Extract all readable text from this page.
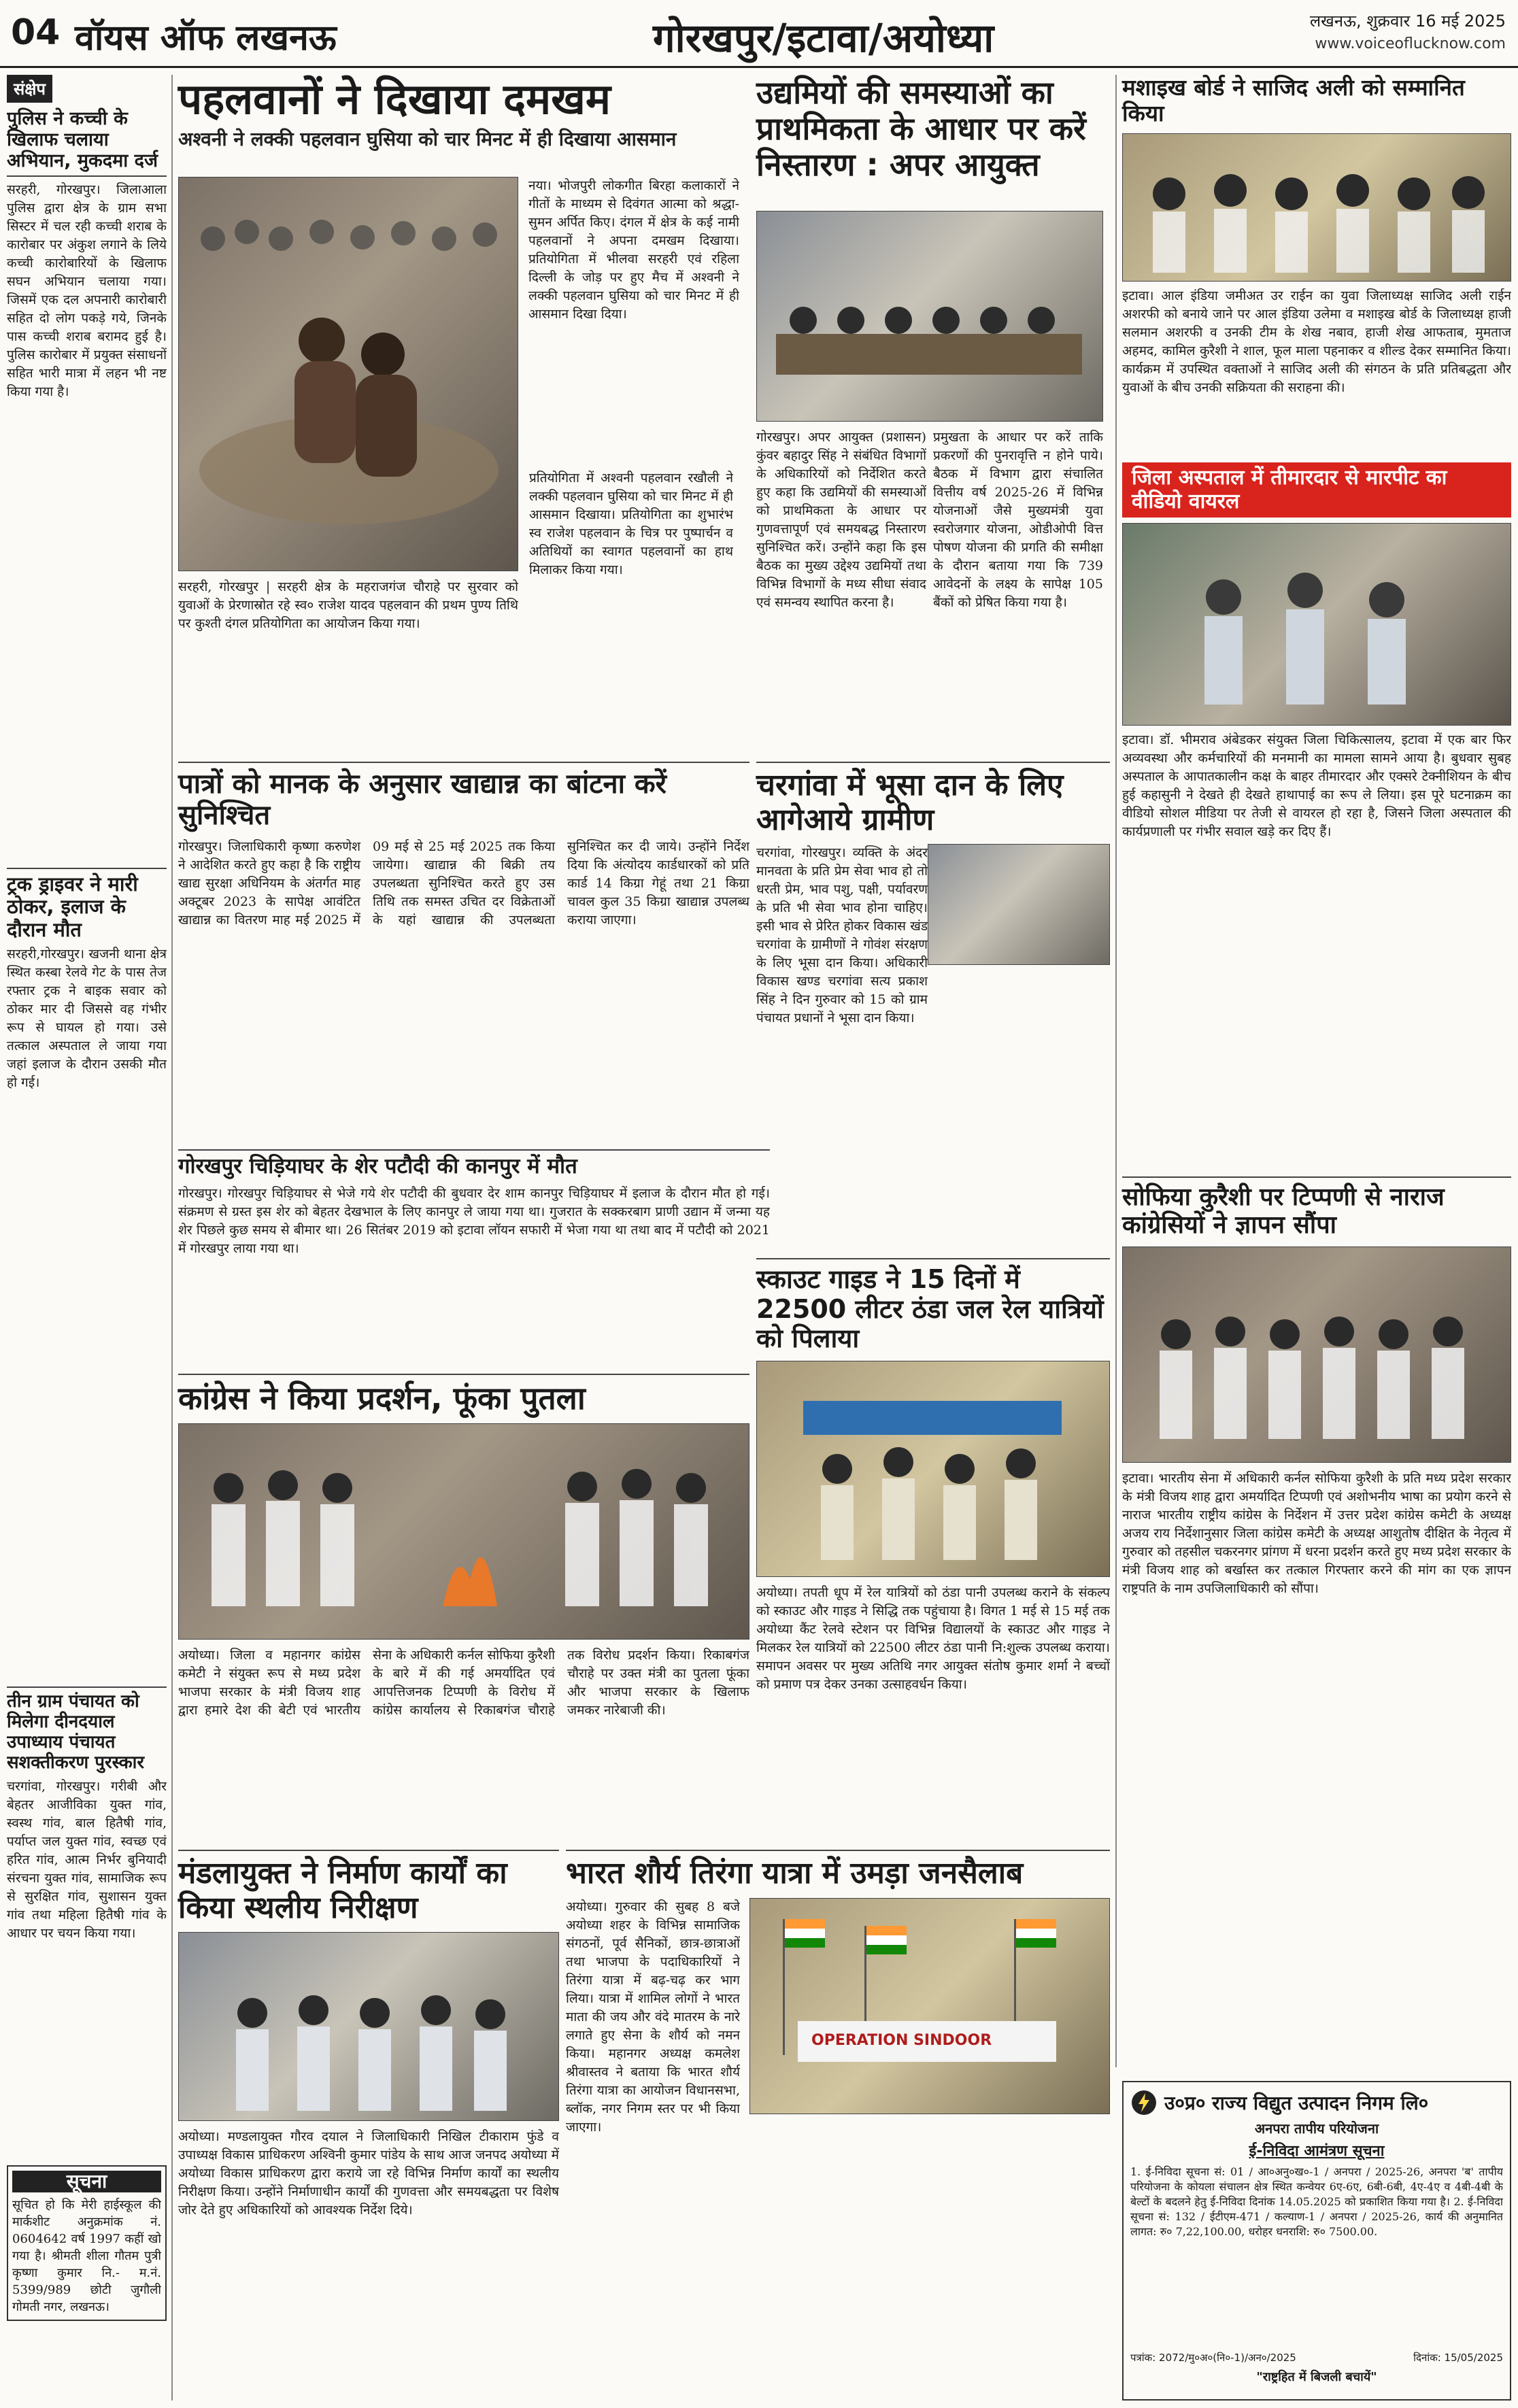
04 वॉयस ऑफ लखनऊ	गोरखपुर/इटावा/अयोध्या	लखनऊ, शुक्रवार 16 मई 2025
www.voiceoflucknow.com
संक्षेप
पुलिस ने कच्ची के खिलाफ चलाया अभियान, मुकदमा दर्ज
सरहरी, गोरखपुर। जिलाआला पुलिस द्वारा क्षेत्र के ग्राम सभा सिस्टर में चल रही कच्ची शराब के कारोबार पर अंकुश लगाने के लिये कच्ची कारोबारियों के खिलाफ सघन अभियान चलाया गया। जिसमें एक दल अपनारी कारोबारी सहित दो लोग पकड़े गये, जिनके पास कच्ची शराब बरामद हुई है। पुलिस कारोबार में प्रयुक्त संसाधनों सहित भारी मात्रा में लहन भी नष्ट किया गया है।
ट्रक ड्राइवर ने मारी ठोकर, इलाज के दौरान मौत
सरहरी,गोरखपुर। खजनी थाना क्षेत्र स्थित कस्बा रेलवे गेट के पास तेज रफ्तार ट्रक ने बाइक सवार को ठोकर मार दी जिससे वह गंभीर रूप से घायल हो गया। उसे तत्काल अस्पताल ले जाया गया जहां इलाज के दौरान उसकी मौत हो गई।
तीन ग्राम पंचायत को मिलेगा दीनदयाल उपाध्याय पंचायत सशक्तीकरण पुरस्कार
चरगांवा, गोरखपुर। गरीबी और बेहतर आजीविका युक्त गांव, स्वस्थ गांव, बाल हितैषी गांव, पर्याप्त जल युक्त गांव, स्वच्छ एवं हरित गांव, आत्म निर्भर बुनियादी संरचना युक्त गांव, सामाजिक रूप से सुरक्षित गांव, सुशासन युक्त गांव तथा महिला हितैषी गांव के आधार पर चयन किया गया।
सूचना
सूचित हो कि मेरी हाईस्कूल की मार्कशीट अनुक्रमांक नं. 0604642 वर्ष 1997 कहीं खो गया है। श्रीमती शीला गौतम पुत्री कृष्णा कुमार नि.- म.नं. 5399/989 छोटी जुगौली गोमती नगर, लखनऊ।
पहलवानों ने दिखाया दमखम
अश्वनी ने लक्की पहलवान घुसिया को चार मिनट में ही दिखाया आसमान
सरहरी, गोरखपुर | सरहरी क्षेत्र के महराजगंज चौराहे पर सुरवार को युवाओं के प्रेरणास्रोत रहे स्व० राजेश यादव पहलवान की प्रथम पुण्य तिथि पर कुश्ती दंगल प्रतियोगिता का आयोजन किया गया।
नया। भोजपुरी लोकगीत बिरहा कलाकारों ने गीतों के माध्यम से दिवंगत आत्मा को श्रद्धा-सुमन अर्पित किए। दंगल में क्षेत्र के कई नामी पहलवानों ने अपना दमखम दिखाया। प्रतियोगिता में भीलवा सरहरी एवं रहिला दिल्ली के जोड़ पर हुए मैच में अश्वनी ने लक्की पहलवान घुसिया को चार मिनट में ही आसमान दिखा दिया।
प्रतियोगिता में अश्वनी पहलवान रखौली ने लक्की पहलवान घुसिया को चार मिनट में ही आसमान दिखाया। प्रतियोगिता का शुभारंभ स्व राजेश पहलवान के चित्र पर पुष्पार्चन व अतिथियों का स्वागत पहलवानों का हाथ मिलाकर किया गया।
उद्यमियों की समस्याओं का प्राथमिकता के आधार पर करें निस्तारण : अपर आयुक्त
गोरखपुर। अपर आयुक्त (प्रशासन) कुंवर बहादुर सिंह ने संबंधित विभागों के अधिकारियों को निर्देशित करते हुए कहा कि उद्यमियों की समस्याओं को प्राथमिकता के आधार पर गुणवत्तापूर्ण एवं समयबद्ध निस्तारण सुनिश्चित करें। उन्होंने कहा कि इस बैठक का मुख्य उद्देश्य उद्यमियों तथा विभिन्न विभागों के मध्य सीधा संवाद एवं समन्वय स्थापित करना है।
प्रमुखता के आधार पर करें ताकि प्रकरणों की पुनरावृत्ति न होने पाये। बैठक में विभाग द्वारा संचालित वित्तीय वर्ष 2025-26 में विभिन्न योजनाओं जैसे मुख्यमंत्री युवा स्वरोजगार योजना, ओडीओपी वित्त पोषण योजना की प्रगति की समीक्षा के दौरान बताया गया कि 739 आवेदनों के लक्ष्य के सापेक्ष 105 बैंकों को प्रेषित किया गया है।
मशाइख बोर्ड ने साजिद अली को सम्मानित किया
इटावा। आल इंडिया जमीअत उर राईन का युवा जिलाध्यक्ष साजिद अली राईन अशरफी को बनाये जाने पर आल इंडिया उलेमा व मशाइख बोर्ड के जिलाध्यक्ष हाजी सलमान अशरफी व उनकी टीम के शेख नबाव, हाजी शेख आफताब, मुमताज अहमद, कामिल कुरैशी ने शाल, फूल माला पहनाकर व शील्ड देकर सम्मानित किया। कार्यक्रम में उपस्थित वक्ताओं ने साजिद अली की संगठन के प्रति प्रतिबद्धता और युवाओं के बीच उनकी सक्रियता की सराहना की।
जिला अस्पताल में तीमारदार से मारपीट का वीडियो वायरल
इटावा। डॉ. भीमराव अंबेडकर संयुक्त जिला चिकित्सालय, इटावा में एक बार फिर अव्यवस्था और कर्मचारियों की मनमानी का मामला सामने आया है। बुधवार सुबह अस्पताल के आपातकालीन कक्ष के बाहर तीमारदार और एक्सरे टेक्नीशियन के बीच हुई कहासुनी ने देखते ही देखते हाथापाई का रूप ले लिया। इस पूरे घटनाक्रम का वीडियो सोशल मीडिया पर तेजी से वायरल हो रहा है, जिसने जिला अस्पताल की कार्यप्रणाली पर गंभीर सवाल खड़े कर दिए हैं।
पात्रों को मानक के अनुसार खाद्यान्न का बांटना करें सुनिश्चित
गोरखपुर। जिलाधिकारी कृष्णा करुणेश ने आदेशित करते हुए कहा है कि राष्ट्रीय खाद्य सुरक्षा अधिनियम के अंतर्गत माह अक्टूबर 2023 के सापेक्ष आवंटित खाद्यान्न का वितरण माह मई 2025 में 09 मई से 25 मई 2025 तक किया जायेगा। खाद्यान्न की बिक्री तय उपलब्धता सुनिश्चित करते हुए उस तिथि तक समस्त उचित दर विक्रेताओं के यहां खाद्यान्न की उपलब्धता सुनिश्चित कर दी जाये। उन्होंने निर्देश दिया कि अंत्योदय कार्डधारकों को प्रति कार्ड 14 किग्रा गेहूं तथा 21 किग्रा चावल कुल 35 किग्रा खाद्यान्न उपलब्ध कराया जाएगा।
चरगांवा में भूसा दान के लिए आगेआये ग्रामीण
चरगांवा, गोरखपुर। व्यक्ति के अंदर मानवता के प्रति प्रेम सेवा भाव हो तो धरती प्रेम, भाव पशु, पक्षी, पर्यावरण के प्रति भी सेवा भाव होना चाहिए। इसी भाव से प्रेरित होकर विकास खंड चरगांवा के ग्रामीणों ने गोवंश संरक्षण के लिए भूसा दान किया। अधिकारी विकास खण्ड चरगांवा सत्य प्रकाश सिंह ने दिन गुरुवार को 15 को ग्राम पंचायत प्रधानों ने भूसा दान किया।
गोरखपुर चिड़ियाघर के शेर पटौदी की कानपुर में मौत
गोरखपुर। गोरखपुर चिड़ियाघर से भेजे गये शेर पटौदी की बुधवार देर शाम कानपुर चिड़ियाघर में इलाज के दौरान मौत हो गई। संक्रमण से ग्रस्त इस शेर को बेहतर देखभाल के लिए कानपुर ले जाया गया था। गुजरात के सक्करबाग प्राणी उद्यान में जन्मा यह शेर पिछले कुछ समय से बीमार था। 26 सितंबर 2019 को इटावा लॉयन सफारी में भेजा गया था तथा बाद में पटौदी को 2021 में गोरखपुर लाया गया था।
कांग्रेस ने किया प्रदर्शन, फूंका पुतला
अयोध्या। जिला व महानगर कांग्रेस कमेटी ने संयुक्त रूप से मध्य प्रदेश भाजपा सरकार के मंत्री विजय शाह द्वारा हमारे देश की बेटी एवं भारतीय सेना के अधिकारी कर्नल सोफिया कुरैशी के बारे में की गई अमर्यादित एवं आपत्तिजनक टिप्पणी के विरोध में कांग्रेस कार्यालय से रिकाबगंज चौराहे तक विरोध प्रदर्शन किया। रिकाबगंज चौराहे पर उक्त मंत्री का पुतला फूंका और भाजपा सरकार के खिलाफ जमकर नारेबाजी की।
स्काउट गाइड ने 15 दिनों में 22500 लीटर ठंडा जल रेल यात्रियों को पिलाया
अयोध्या। तपती धूप में रेल यात्रियों को ठंडा पानी उपलब्ध कराने के संकल्प को स्काउट और गाइड ने सिद्धि तक पहुंचाया है। विगत 1 मई से 15 मई तक अयोध्या कैंट रेलवे स्टेशन पर विभिन्न विद्यालयों के स्काउट और गाइड ने मिलकर रेल यात्रियों को 22500 लीटर ठंडा पानी नि:शुल्क उपलब्ध कराया। समापन अवसर पर मुख्य अतिथि नगर आयुक्त संतोष कुमार शर्मा ने बच्चों को प्रमाण पत्र देकर उनका उत्साहवर्धन किया।
सोफिया कुरैशी पर टिप्पणी से नाराज कांग्रेसियों ने ज्ञापन सौंपा
इटावा। भारतीय सेना में अधिकारी कर्नल सोफिया कुरैशी के प्रति मध्य प्रदेश सरकार के मंत्री विजय शाह द्वारा अमर्यादित टिप्पणी एवं अशोभनीय भाषा का प्रयोग करने से नाराज भारतीय राष्ट्रीय कांग्रेस के निर्देशन में उत्तर प्रदेश कांग्रेस कमेटी के अध्यक्ष अजय राय निर्देशानुसार जिला कांग्रेस कमेटी के अध्यक्ष आशुतोष दीक्षित के नेतृत्व में गुरुवार को तहसील चकरनगर प्रांगण में धरना प्रदर्शन करते हुए मध्य प्रदेश सरकार के मंत्री विजय शाह को बर्खास्त कर तत्काल गिरफ्तार करने की मांग का एक ज्ञापन राष्ट्रपति के नाम उपजिलाधिकारी को सौंपा।
मंडलायुक्त ने निर्माण कार्यों का किया स्थलीय निरीक्षण
अयोध्या। मण्डलायुक्त गौरव दयाल ने जिलाधिकारी निखिल टीकाराम फुंडे व उपाध्यक्ष विकास प्राधिकरण अश्विनी कुमार पांडेय के साथ आज जनपद अयोध्या में अयोध्या विकास प्राधिकरण द्वारा कराये जा रहे विभिन्न निर्माण कार्यों का स्थलीय निरीक्षण किया। उन्होंने निर्माणाधीन कार्यों की गुणवत्ता और समयबद्धता पर विशेष जोर देते हुए अधिकारियों को आवश्यक निर्देश दिये।
भारत शौर्य तिरंगा यात्रा में उमड़ा जनसैलाब
अयोध्या। गुरुवार की सुबह 8 बजे अयोध्या शहर के विभिन्न सामाजिक संगठनों, पूर्व सैनिकों, छात्र-छात्राओं तथा भाजपा के पदाधिकारियों ने तिरंगा यात्रा में बढ़-चढ़ कर भाग लिया। यात्रा में शामिल लोगों ने भारत माता की जय और वंदे मातरम के नारे लगाते हुए सेना के शौर्य को नमन किया। महानगर अध्यक्ष कमलेश श्रीवास्तव ने बताया कि भारत शौर्य तिरंगा यात्रा का आयोजन विधानसभा, ब्लॉक, नगर निगम स्तर पर भी किया जाएगा।
OPERATION SINDOOR
उ०प्र० राज्य विद्युत उत्पादन निगम लि०
अनपरा तापीय परियोजना
ई-निविदा आमंत्रण सूचना
1. ई-निविदा सूचना सं: 01 / आ०अनु०ख०-1 / अनपरा / 2025-26, अनपरा 'ब' तापीय परियोजना के कोयला संचालन क्षेत्र स्थित कन्वेयर 6ए-6ए, 6बी-6बी, 4ए-4ए व 4बी-4बी के बेल्टों के बदलने हेतु ई-निविदा दिनांक 14.05.2025 को प्रकाशित किया गया है। 2. ई-निविदा सूचना सं: 132 / ईटीएम-471 / कल्याण-1 / अनपरा / 2025-26, कार्य की अनुमानित लागत: रु० 7,22,100.00, धरोहर धनराशि: रु० 7500.00.
पत्रांक: 2072/मु०अ०(नि०-1)/अन०/2025	दिनांक: 15/05/2025
"राष्ट्रहित में बिजली बचायें"
